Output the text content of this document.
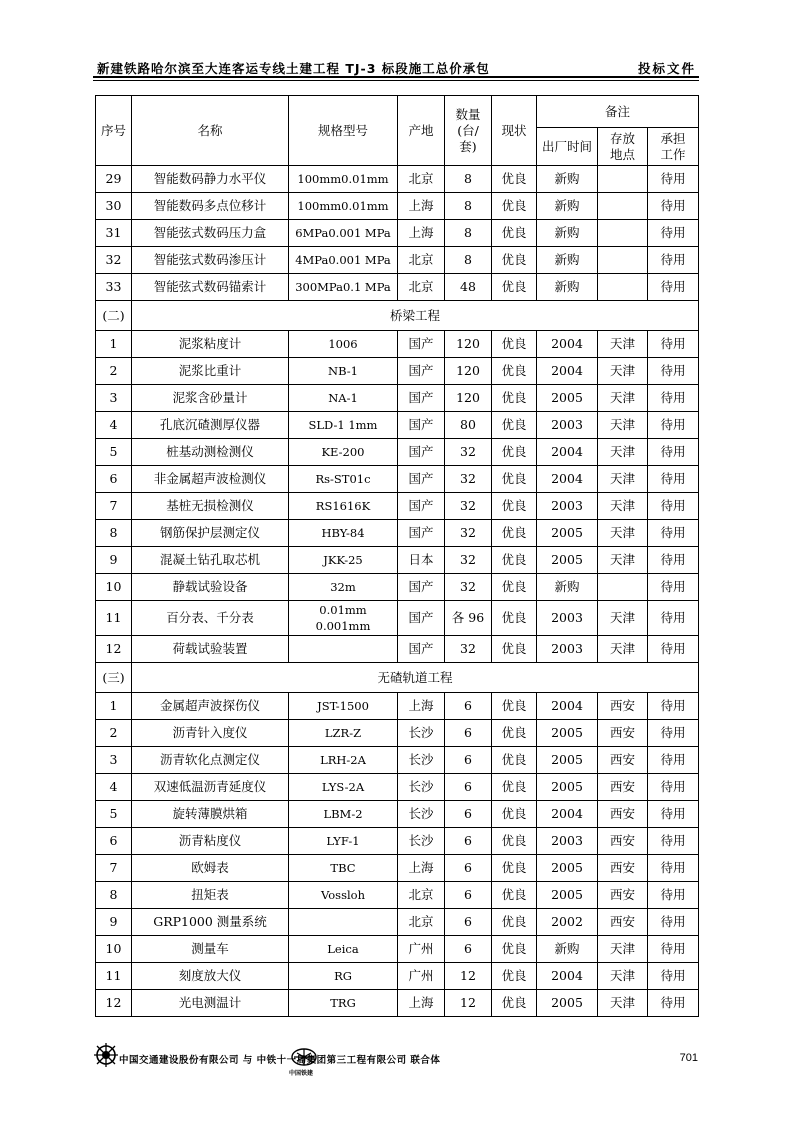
新建铁路哈尔滨至大连客运专线土建工程 TJ-3 标段施工总价承包	投标文件
序号	名称	规格型号	产地	数量(台/套)	现状	备注		
						出厂时间	存放地点	承担工作
29	智能数码静力水平仪	100mm0.01mm	北京	8	优良	新购		待用
30	智能数码多点位移计	100mm0.01mm	上海	8	优良	新购		待用
31	智能弦式数码压力盒	6MPa0.001 MPa	上海	8	优良	新购		待用
32	智能弦式数码渗压计	4MPa0.001 MPa	北京	8	优良	新购		待用
33	智能弦式数码锚索计	300MPa0.1 MPa	北京	48	优良	新购		待用
(二)	桥梁工程							
1	泥浆粘度计	1006	国产	120	优良	2004	天津	待用
2	泥浆比重计	NB-1	国产	120	优良	2004	天津	待用
3	泥浆含砂量计	NA-1	国产	120	优良	2005	天津	待用
4	孔底沉碴测厚仪器	SLD-1 1mm	国产	80	优良	2003	天津	待用
5	桩基动测检测仪	KE-200	国产	32	优良	2004	天津	待用
6	非金属超声波检测仪	Rs-ST01c	国产	32	优良	2004	天津	待用
7	基桩无损检测仪	RS1616K	国产	32	优良	2003	天津	待用
8	钢筋保护层测定仪	HBY-84	国产	32	优良	2005	天津	待用
9	混凝土钻孔取芯机	JKK-25	日本	32	优良	2005	天津	待用
10	静载试验设备	32m	国产	32	优良	新购		待用
11	百分表、千分表	0.01mm
0.001mm	国产	各 96	优良	2003	天津	待用
12	荷载试验装置		国产	32	优良	2003	天津	待用
(三)	无碴轨道工程							
1	金属超声波探伤仪	JST-1500	上海	6	优良	2004	西安	待用
2	沥青针入度仪	LZR-Z	长沙	6	优良	2005	西安	待用
3	沥青软化点测定仪	LRH-2A	长沙	6	优良	2005	西安	待用
4	双速低温沥青延度仪	LYS-2A	长沙	6	优良	2005	西安	待用
5	旋转薄膜烘箱	LBM-2	长沙	6	优良	2004	西安	待用
6	沥青粘度仪	LYF-1	长沙	6	优良	2003	西安	待用
7	欧姆表	TBC	上海	6	优良	2005	西安	待用
8	扭矩表	Vossloh	北京	6	优良	2005	西安	待用
9	GRP1000 测量系统		北京	6	优良	2002	西安	待用
10	测量车	Leica	广州	6	优良	新购	天津	待用
11	刻度放大仪	RG	广州	12	优良	2004	天津	待用
12	光电测温计	TRG	上海	12	优良	2005	天津	待用
中国铁建
中国交通建设股份有限公司 与 中铁十一局集团第三工程有限公司 联合体	701
